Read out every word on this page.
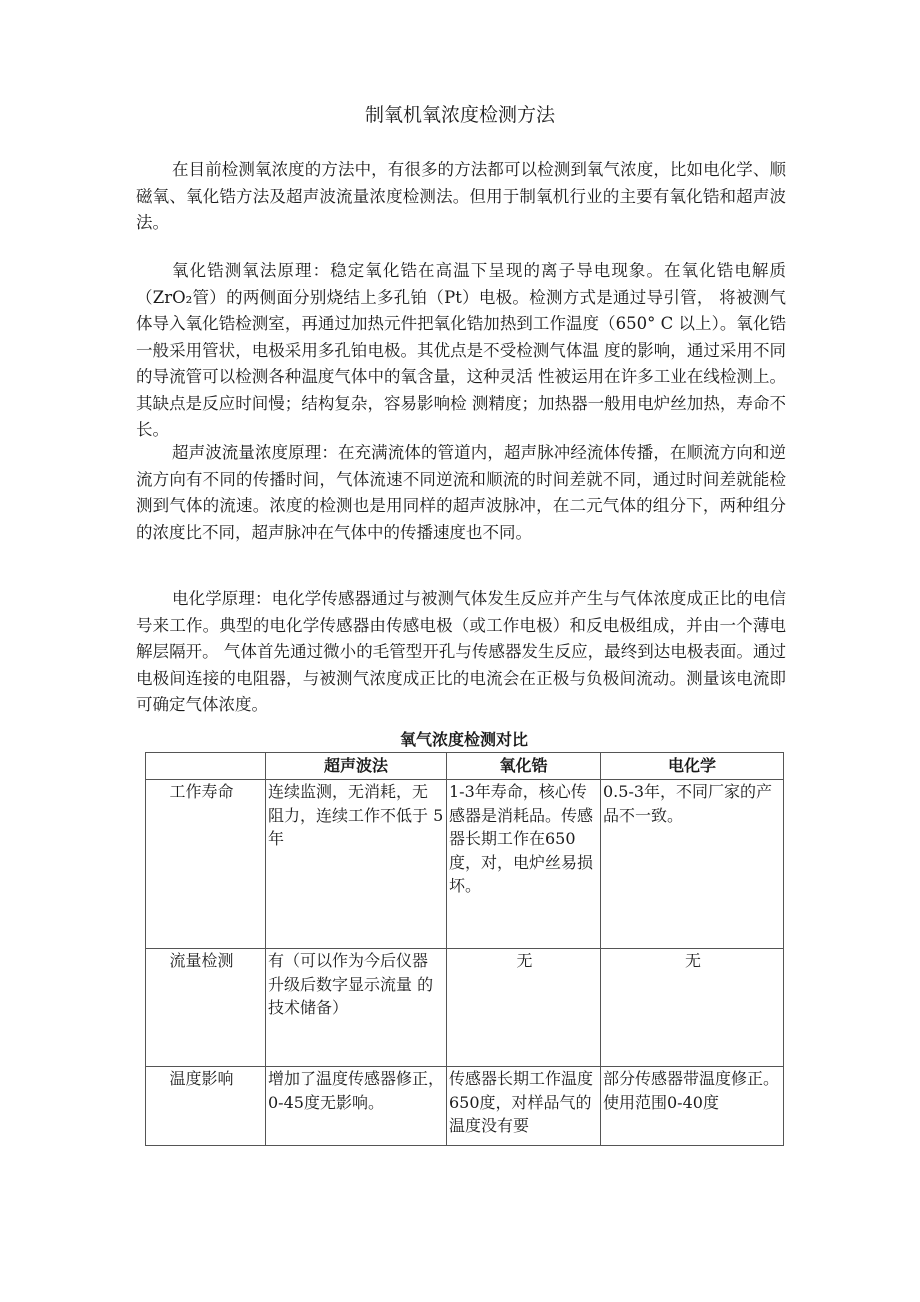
制氧机氧浓度检测方法

在目前检测氧浓度的方法中，有很多的方法都可以检测到氧气浓度，比如电化学、顺磁氧、氧化锆方法及超声波流量浓度检测法。但用于制氧机行业的主要有氧化锆和超声波法。

氧化锆测氧法原理：稳定氧化锆在高温下呈现的离子导电现象。在氧化锆电解质（ZrO₂管）的两侧面分别烧结上多孔铂（Pt）电极。检测方式是通过导引管， 将被测气体导入氧化锆检测室，再通过加热元件把氧化锆加热到工作温度（650° C 以上）。氧化锆一般采用管状，电极采用多孔铂电极。其优点是不受检测气体温 度的影响，通过采用不同的导流管可以检测各种温度气体中的氧含量，这种灵活 性被运用在许多工业在线检测上。其缺点是反应时间慢；结构复杂，容易影响检 测精度；加热器一般用电炉丝加热，寿命不长。

超声波流量浓度原理：在充满流体的管道内，超声脉冲经流体传播，在顺流方向和逆流方向有不同的传播时间，气体流速不同逆流和顺流的时间差就不同，通过时间差就能检测到气体的流速。浓度的检测也是用同样的超声波脉冲，在二元气体的组分下，两种组分的浓度比不同，超声脉冲在气体中的传播速度也不同。

电化学原理：电化学传感器通过与被测气体发生反应并产生与气体浓度成正比的电信号来工作。典型的电化学传感器由传感电极（或工作电极）和反电极组成，并由一个薄电解层隔开。 气体首先通过微小的毛管型开孔与传感器发生反应，最终到达电极表面。通过电极间连接的电阻器，与被测气浓度成正比的电流会在正极与负极间流动。测量该电流即可确定气体浓度。

氧气浓度检测对比
	超声波法	氧化锆	电化学
工作寿命	连续监测，无消耗，无 阻力，连续工作不低于 5年	1-3年寿命，核心传感器是消耗品。传感器长期工作在650度，对，电炉丝易损坏。	0.5-3年，不同厂家的产品不一致。
流量检测	有（可以作为今后仪器 升级后数字显示流量 的技术储备）	无	无
温度影响	增加了温度传感器修正，0-45度无影响。	传感器长期工作温度650度，对样品气的温度没有要	部分传感器带温度修正。使用范围0-40度
